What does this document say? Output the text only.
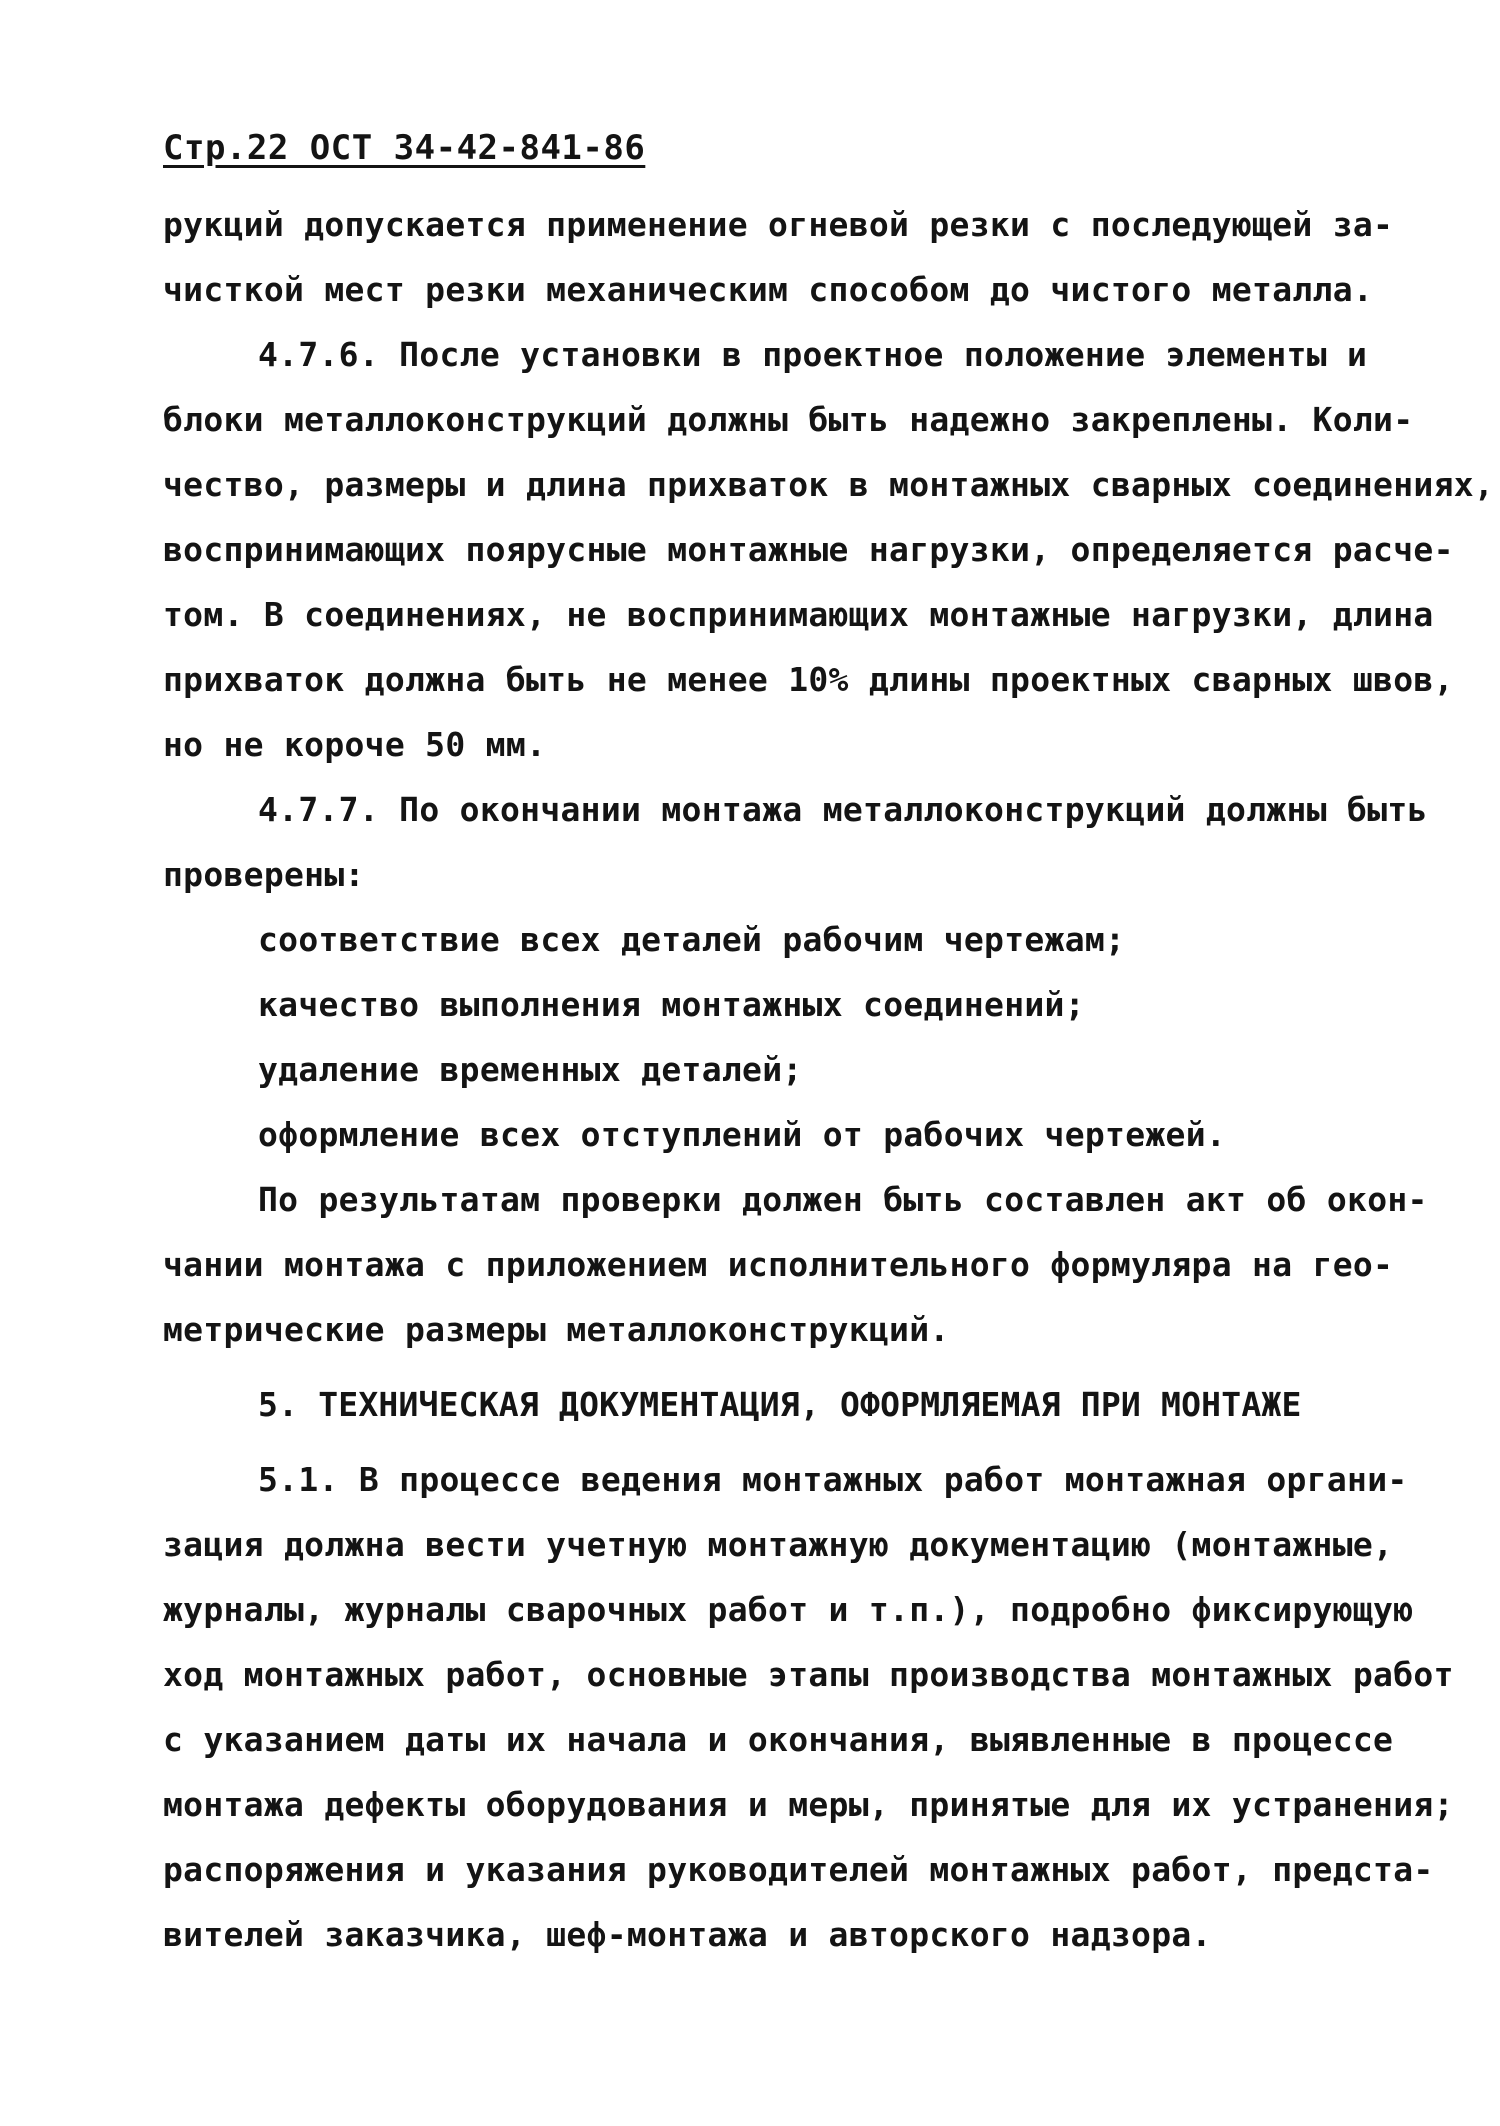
Стр.22 ОСТ 34-42-841-86
рукций допускается применение огневой резки с последующей за-
чисткой мест резки механическим способом до чистого металла.
4.7.6. После установки в проектное положение элементы и
блоки металлоконструкций должны быть надежно закреплены. Коли-
чество, размеры и длина прихваток в монтажных сварных соединениях,
воспринимающих поярусные монтажные нагрузки, определяется расче-
том. В соединениях, не воспринимающих монтажные нагрузки, длина
прихваток должна быть не менее 10% длины проектных сварных швов,
но не короче 50 мм.
4.7.7. По окончании монтажа металлоконструкций должны быть
проверены:
соответствие всех деталей рабочим чертежам;
качество выполнения монтажных соединений;
удаление временных деталей;
оформление всех отступлений от рабочих чертежей.
По результатам проверки должен быть составлен акт об окон-
чании монтажа с приложением исполнительного формуляра на гео-
метрические размеры металлоконструкций.
5. ТЕХНИЧЕСКАЯ ДОКУМЕНТАЦИЯ, ОФОРМЛЯЕМАЯ ПРИ МОНТАЖЕ
5.1. В процессе ведения монтажных работ монтажная органи-
зация должна вести учетную монтажную документацию (монтажные,
журналы, журналы сварочных работ и т.п.), подробно фиксирующую
ход монтажных работ, основные этапы производства монтажных работ
с указанием даты их начала и окончания, выявленные в процессе
монтажа дефекты оборудования и меры, принятые для их устранения;
распоряжения и указания руководителей монтажных работ, предста-
вителей заказчика, шеф-монтажа и авторского надзора.
